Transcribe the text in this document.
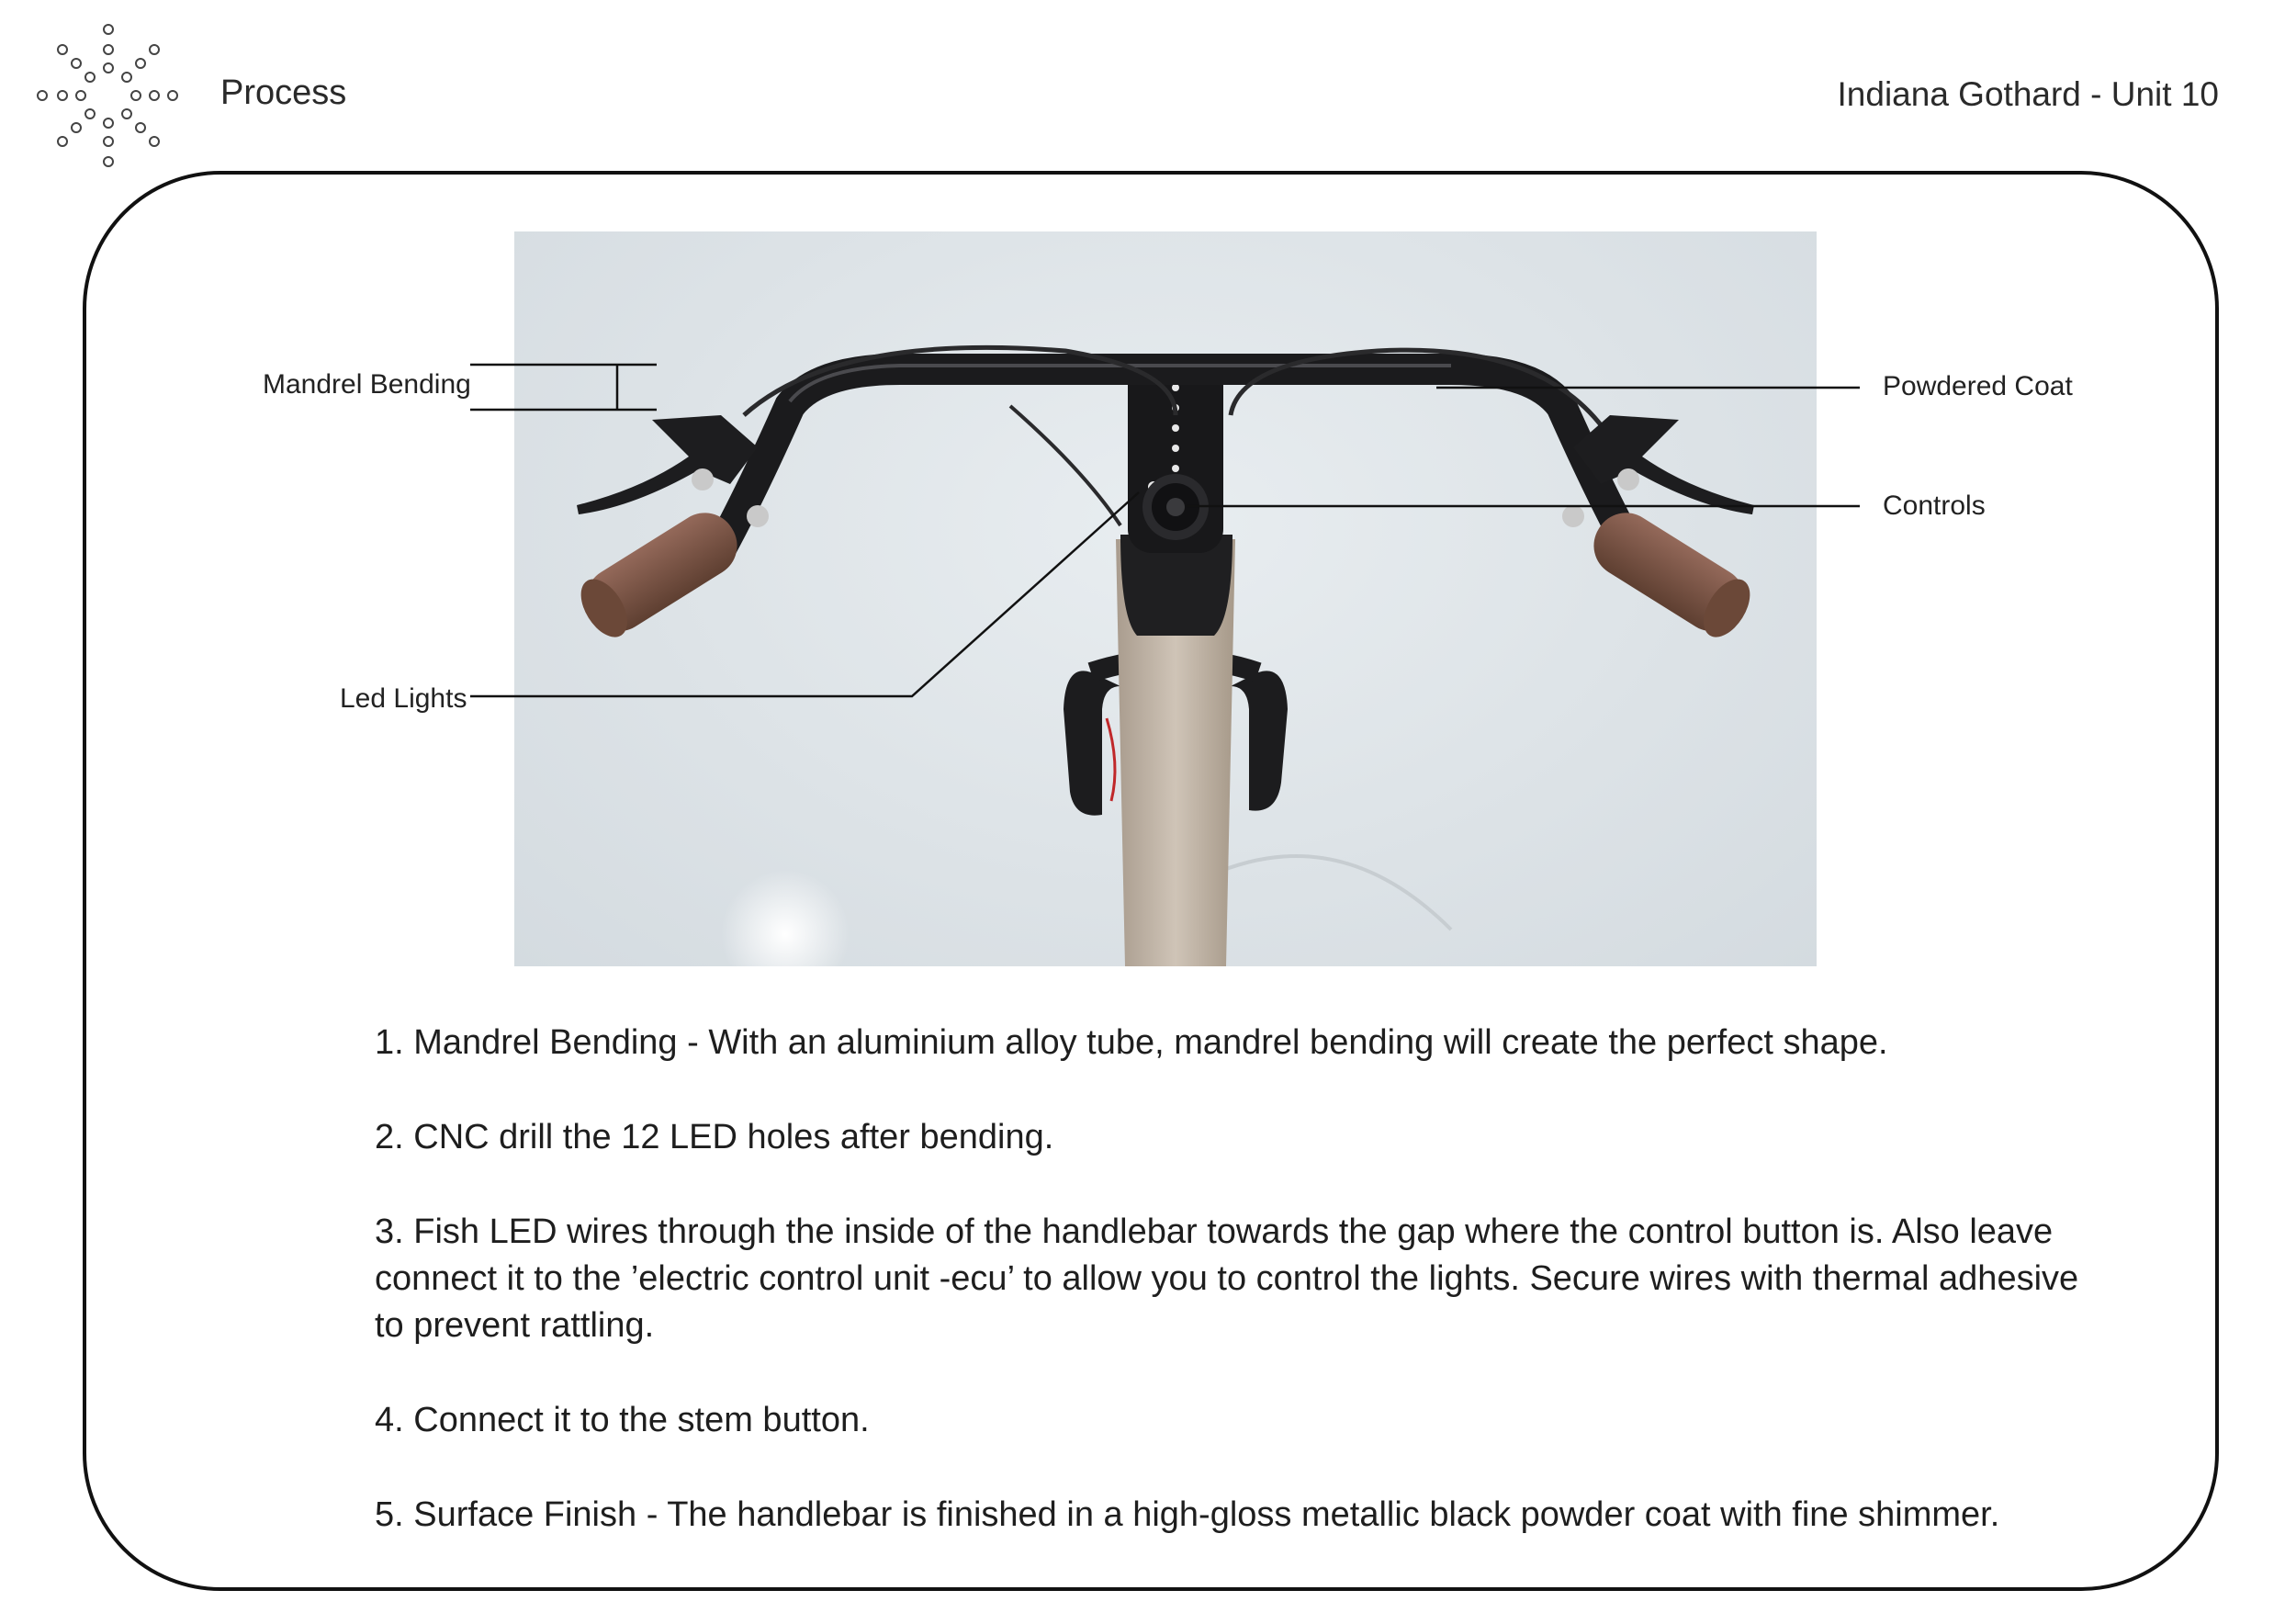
Process	Indiana Gothard - Unit 10
Mandrel Bending
Led Lights
Powdered Coat
Controls

1. Mandrel Bending - With an aluminium alloy tube, mandrel bending will create the perfect shape.

2. CNC drill the 12 LED holes after bending.

3. Fish LED wires through the inside of the handlebar towards the gap where the control button is. Also leave connect it to the ’electric control unit -ecu’ to allow you to control the lights. Secure wires with thermal adhesive to prevent rattling.

4. Connect it to the stem button.

5. Surface Finish - The handlebar is finished in a high-gloss metallic black powder coat with fine shimmer.
